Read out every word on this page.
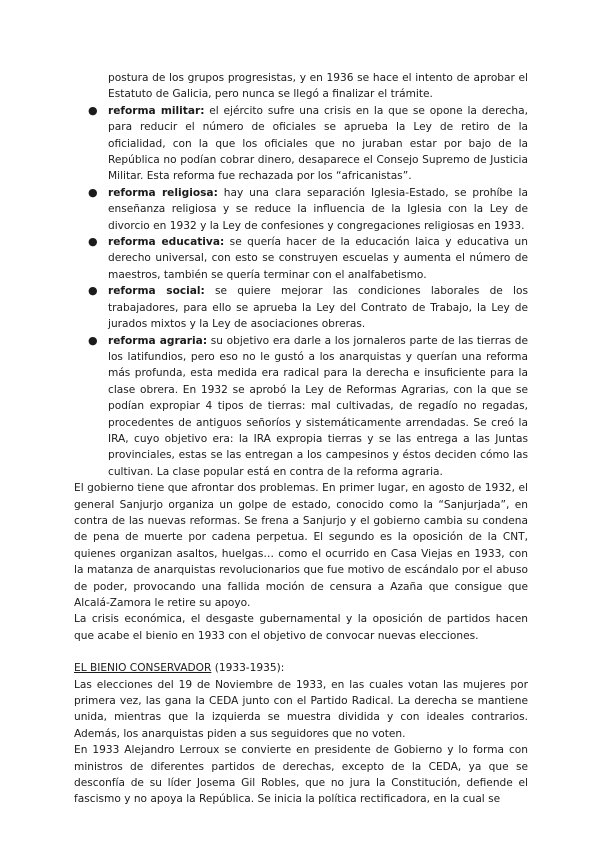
postura de los grupos progresistas, y en 1936 se hace el intento de aprobar el Estatuto de Galicia, pero nunca se llegó a finalizar el trámite.

● reforma militar: el ejército sufre una crisis en la que se opone la derecha, para reducir el número de oficiales se aprueba la Ley de retiro de la oficialidad, con la que los oficiales que no juraban estar por bajo de la República no podían cobrar dinero, desaparece el Consejo Supremo de Justicia Militar. Esta reforma fue rechazada por los “africanistas”.
● reforma religiosa: hay una clara separación Iglesia-Estado, se prohíbe la enseñanza religiosa y se reduce la influencia de la Iglesia con la Ley de divorcio en 1932 y la Ley de confesiones y congregaciones religiosas en 1933.
● reforma educativa: se quería hacer de la educación laica y educativa un derecho universal, con esto se construyen escuelas y aumenta el número de maestros, también se quería terminar con el analfabetismo.
● reforma social: se quiere mejorar las condiciones laborales de los trabajadores, para ello se aprueba la Ley del Contrato de Trabajo, la Ley de jurados mixtos y la Ley de asociaciones obreras.
● reforma agraria: su objetivo era darle a los jornaleros parte de las tierras de los latifundios, pero eso no le gustó a los anarquistas y querían una reforma más profunda, esta medida era radical para la derecha e insuficiente para la clase obrera. En 1932 se aprobó la Ley de Reformas Agrarias, con la que se podían expropiar 4 tipos de tierras: mal cultivadas, de regadío no regadas, procedentes de antiguos señoríos y sistemáticamente arrendadas. Se creó la IRA, cuyo objetivo era: la IRA expropia tierras y se las entrega a las Juntas provinciales, estas se las entregan a los campesinos y éstos deciden cómo las cultivan. La clase popular está en contra de la reforma agraria.

El gobierno tiene que afrontar dos problemas. En primer lugar, en agosto de 1932, el general Sanjurjo organiza un golpe de estado, conocido como la “Sanjurjada”, en contra de las nuevas reformas. Se frena a Sanjurjo y el gobierno cambia su condena de pena de muerte por cadena perpetua. El segundo es la oposición de la CNT, quienes organizan asaltos, huelgas… como el ocurrido en Casa Viejas en 1933, con la matanza de anarquistas revolucionarios que fue motivo de escándalo por el abuso de poder, provocando una fallida moción de censura a Azaña que consigue que Alcalá-Zamora le retire su apoyo.

La crisis económica, el desgaste gubernamental y la oposición de partidos hacen que acabe el bienio en 1933 con el objetivo de convocar nuevas elecciones.

EL BIENIO CONSERVADOR (1933-1935):

Las elecciones del 19 de Noviembre de 1933, en las cuales votan las mujeres por primera vez, las gana la CEDA junto con el Partido Radical. La derecha se mantiene unida, mientras que la izquierda se muestra dividida y con ideales contrarios. Además, los anarquistas piden a sus seguidores que no voten.

En 1933 Alejandro Lerroux se convierte en presidente de Gobierno y lo forma con ministros de diferentes partidos de derechas, excepto de la CEDA, ya que se desconfía de su líder Josema Gil Robles, que no jura la Constitución, defiende el fascismo y no apoya la República. Se inicia la política rectificadora, en la cual se
